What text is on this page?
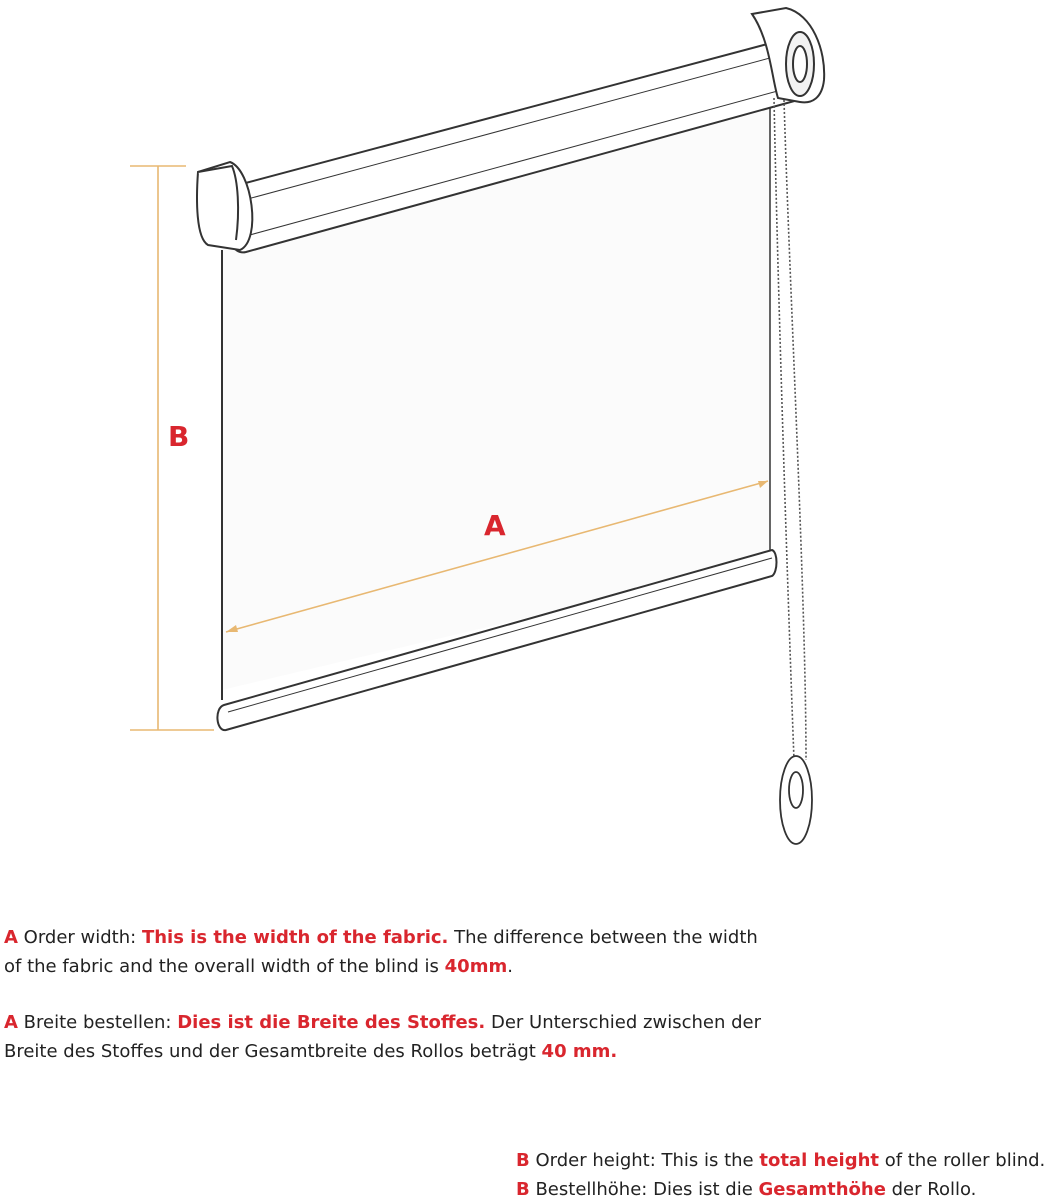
B
A

A Order width: This is the width of the fabric. The difference between the width of the fabric and the overall width of the blind is 40mm.

A Breite bestellen: Dies ist die Breite des Stoffes. Der Unterschied zwischen der Breite des Stoffes und der Gesamtbreite des Rollos beträgt 40 mm.

B Order height: This is the total height of the roller blind.
B Bestellhöhe: Dies ist die Gesamthöhe der Rollo.
